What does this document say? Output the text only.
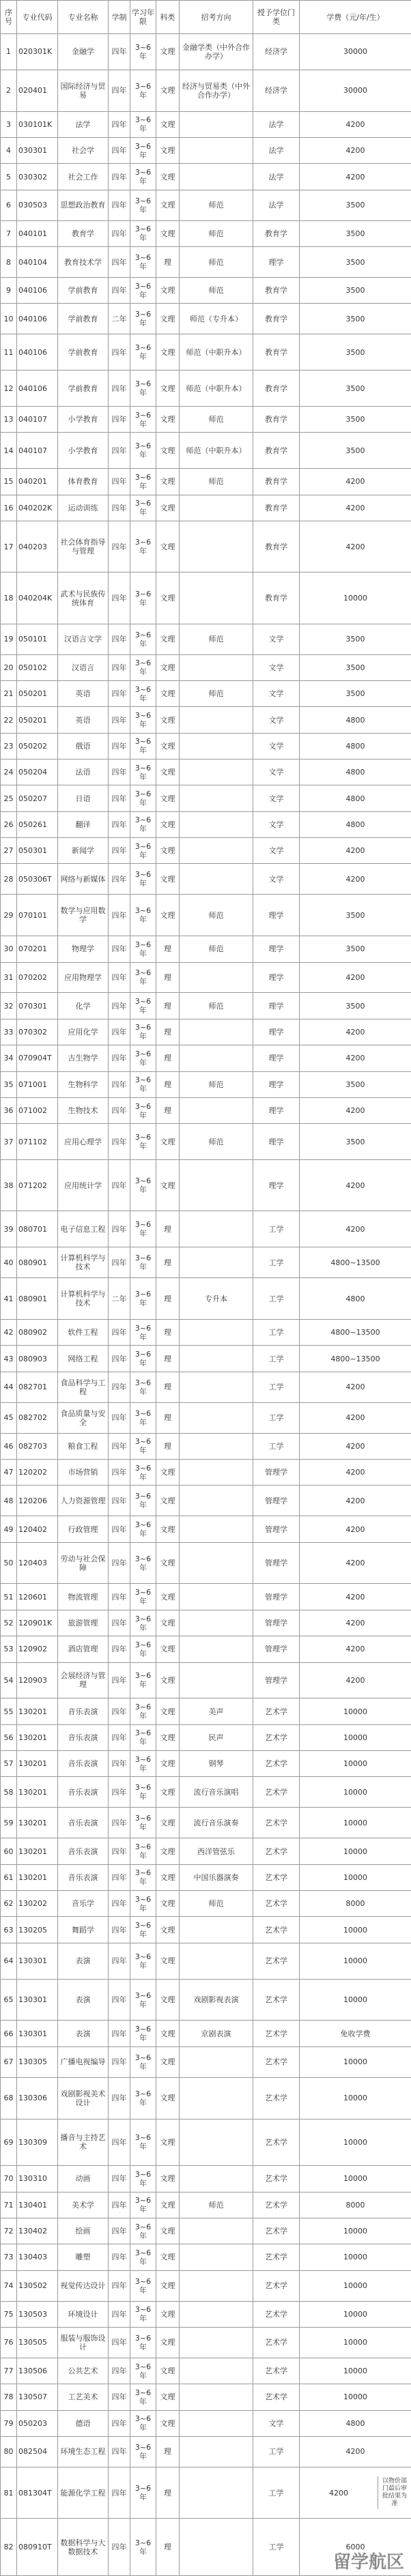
序号	专业代码	专业名称	学制	学习年限	科类	招考方向	授予学位门类	学费（元/年/生）
1	020301K	金融学	四年	3~6年	文理	金融学类（中外合作办学）	经济学	30000
2	020401	国际经济与贸易	四年	3~6年	文理	经济与贸易类（中外合作办学）	经济学	30000
3	030101K	法学	四年	3~6年	文理		法学	4200
4	030301	社会学	四年	3~6年	文理		法学	4200
5	030302	社会工作	四年	3~6年	文理		法学	4200
6	030503	思想政治教育	四年	3~6年	文理	师范	法学	3500
7	040101	教育学	四年	3~6年	文理	师范	教育学	3500
8	040104	教育技术学	四年	3~6年	理	师范	理学	3500
9	040106	学前教育	四年	3~6年	文理	师范	教育学	3500
10	040106	学前教育	二年	3~6年	文理	师范（专升本）	教育学	3500
11	040106	学前教育	四年	3~6年	文理	师范（中职升本）	教育学	3500
12	040106	学前教育	四年	3~6年	文理	师范（中职升本）	教育学	3500
13	040107	小学教育	四年	3~6年	文理	师范	教育学	3500
14	040107	小学教育	四年	3~6年	文理	师范（中职升本）	教育学	3500
15	040201	体育教育	四年	3~6年	文理	师范	教育学	4200
16	040202K	运动训练	四年	3~6年	文理		教育学	4200
17	040203	社会体育指导与管理	四年	3~6年	文理		教育学	4200
18	040204K	武术与民族传统体育	四年	3~6年	文理		教育学	10000
19	050101	汉语言文学	四年	3~6年	文理	师范	文学	3500
20	050102	汉语言	四年	3~6年	文理		文学	3500
21	050201	英语	四年	3~6年	文理	师范	文学	3500
22	050201	英语	四年	3~6年	文理		文学	4800
23	050202	俄语	四年	3~6年	文理		文学	4800
24	050204	法语	四年	3~6年	文理		文学	4800
25	050207	日语	四年	3~6年	文理		文学	4800
26	050261	翻译	四年	3~6年	文理		文学	4800
27	050301	新闻学	四年	3~6年	文理		文学	4200
28	050306T	网络与新媒体	四年	3~6年	文理		文学	4200
29	070101	数学与应用数学	四年	3~6年	文理	师范	理学	3500
30	070201	物理学	四年	3~6年	理	师范	理学	3500
31	070202	应用物理学	四年	3~6年	理		理学	4200
32	070301	化学	四年	3~6年	理	师范	理学	3500
33	070302	应用化学	四年	3~6年	理		理学	4200
34	070904T	古生物学	四年	3~6年	理		理学	4200
35	071001	生物科学	四年	3~6年	理	师范	理学	3500
36	071002	生物技术	四年	3~6年	理		理学	4200
37	071102	应用心理学	四年	3~6年	文理	师范	理学	3500
38	071202	应用统计学	四年	3~6年	文理		理学	4200
39	080701	电子信息工程	四年	3~6年	理		工学	4200
40	080901	计算机科学与技术	四年	3~6年	理		工学	4800~13500
41	080901	计算机科学与技术	二年	3~6年	理	专升本	工学	4800
42	080902	软件工程	四年	3~6年	理		工学	4800~13500
43	080903	网络工程	四年	3~6年	理		工学	4800~13500
44	082701	食品科学与工程	四年	3~6年	理		工学	4200
45	082702	食品质量与安全	四年	3~6年	理		工学	4200
46	082703	粮食工程	四年	3~6年	理		工学	4200
47	120202	市场营销	四年	3~6年	文理		管理学	4200
48	120206	人力资源管理	四年	3~6年	文理		管理学	4200
49	120402	行政管理	四年	3~6年	文理		管理学	4200
50	120403	劳动与社会保障	四年	3~6年	文理		管理学	4200
51	120601	物流管理	四年	3~6年	文理		管理学	4200
52	120901K	旅游管理	四年	3~6年	文理		管理学	4200
53	120902	酒店管理	四年	3~6年	文理		管理学	4200
54	120903	会展经济与管理	四年	3~6年	文理		管理学	4200
55	130201	音乐表演	四年	3~6年	文理	美声	艺术学	10000
56	130201	音乐表演	四年	3~6年	文理	民声	艺术学	10000
57	130201	音乐表演	四年	3~6年	文理	钢琴	艺术学	10000
58	130201	音乐表演	四年	3~6年	文理	流行音乐演唱	艺术学	10000
59	130201	音乐表演	四年	3~6年	文理	流行音乐演奏	艺术学	10000
60	130201	音乐表演	四年	3~6年	文理	西洋管弦乐	艺术学	10000
61	130201	音乐表演	四年	3~6年	文理	中国乐器演奏	艺术学	10000
62	130202	音乐学	四年	3~6年	文理	师范	艺术学	8000
63	130205	舞蹈学	四年	3~6年	文理		艺术学	10000
64	130301	表演	四年	3~6年	文理		艺术学	10000
65	130301	表演	四年	3~6年	文理	戏剧影视表演	艺术学	10000
66	130301	表演	四年	3~6年	文理	京剧表演	艺术学	免收学费
67	130305	广播电视编导	四年	3~6年	文理		艺术学	10000
68	130306	戏剧影视美术设计	四年	3~6年	文理		艺术学	10000
69	130309	播音与主持艺术	四年	3~6年	文理		艺术学	10000
70	130310	动画	四年	3~6年	文理		艺术学	10000
71	130401	美术学	四年	3~6年	文理	师范	艺术学	8000
72	130402	绘画	四年	3~6年	文理		艺术学	10000
73	130403	雕塑	四年	3~6年	文理		艺术学	10000
74	130502	视觉传达设计	四年	3~6年	文理		艺术学	10000
75	130503	环境设计	四年	3~6年	文理		艺术学	10000
76	130505	服装与服饰设计	四年	3~6年	文理		艺术学	10000
77	130506	公共艺术	四年	3~6年	文理		艺术学	10000
78	130507	工艺美术	四年	3~6年	文理		艺术学	10000
79	050203	德语	四年	3~6年	文理		文学	4800
80	082504	环境生态工程	四年	3~6年	理		工学	4200
81	081304T	能源化学工程	四年	3~6年	理		工学	4200
以物价部门最后审批结果为准

82	080910T	数据科学与大数据技术	四年	3~6年	理		工学	6000
留学航区
